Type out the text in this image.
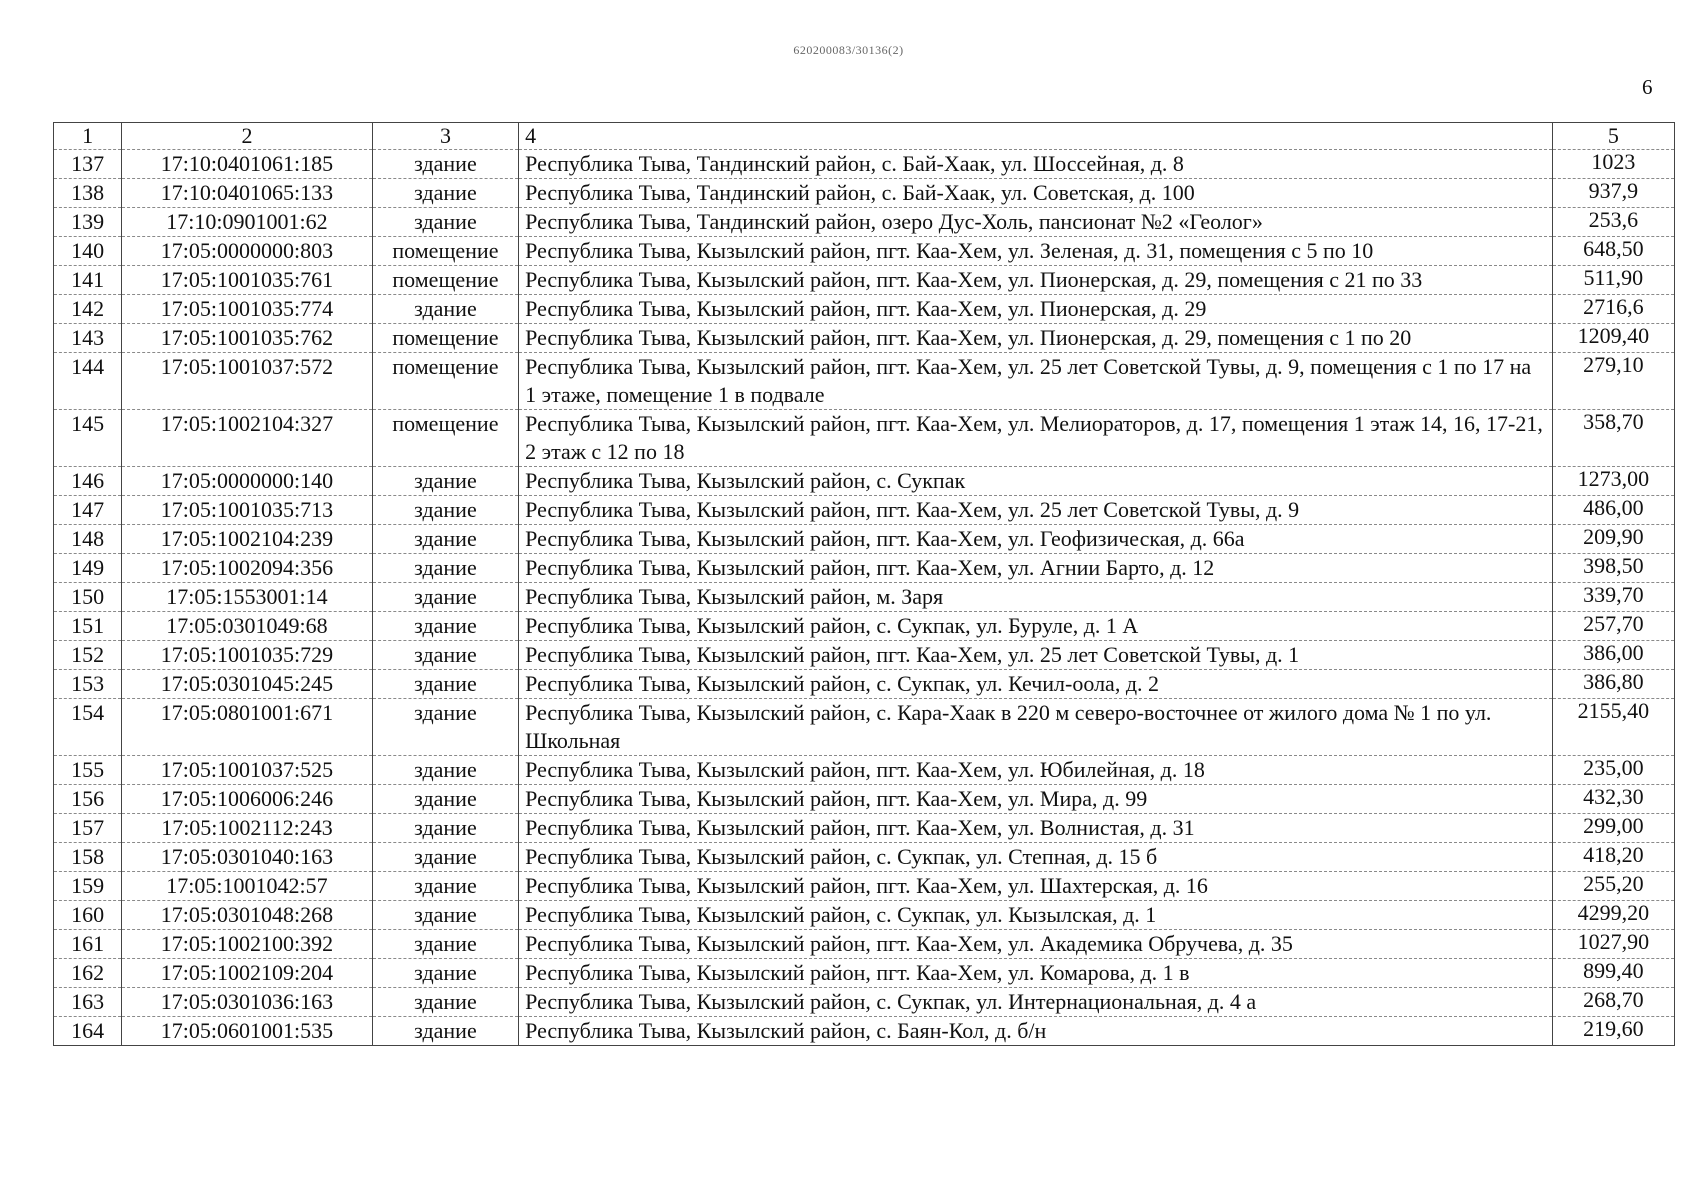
620200083/30136(2)
6
1	2	3	4	5
137	17:10:0401061:185	здание	Республика Тыва, Тандинский район, с. Бай-Хаак, ул. Шоссейная, д. 8	1023
138	17:10:0401065:133	здание	Республика Тыва, Тандинский район, с. Бай-Хаак, ул. Советская, д. 100	937,9
139	17:10:0901001:62	здание	Республика Тыва, Тандинский район, озеро Дус-Холь, пансионат №2 «Геолог»	253,6
140	17:05:0000000:803	помещение	Республика Тыва, Кызылский район, пгт. Каа-Хем, ул. Зеленая, д. 31, помещения с 5 по 10	648,50
141	17:05:1001035:761	помещение	Республика Тыва, Кызылский район, пгт. Каа-Хем, ул. Пионерская, д. 29, помещения с 21 по 33	511,90
142	17:05:1001035:774	здание	Республика Тыва, Кызылский район, пгт. Каа-Хем, ул. Пионерская, д. 29	2716,6
143	17:05:1001035:762	помещение	Республика Тыва, Кызылский район, пгт. Каа-Хем, ул. Пионерская, д. 29, помещения с 1 по 20	1209,40
144	17:05:1001037:572	помещение	Республика Тыва, Кызылский район, пгт. Каа-Хем, ул. 25 лет Советской Тувы, д. 9, помещения с 1 по 17 на 1 этаже, помещение 1 в подвале	279,10
145	17:05:1002104:327	помещение	Республика Тыва, Кызылский район, пгт. Каа-Хем, ул. Мелиораторов, д. 17, помещения 1 этаж 14, 16, 17-21, 2 этаж с 12 по 18	358,70
146	17:05:0000000:140	здание	Республика Тыва, Кызылский район, с. Сукпак	1273,00
147	17:05:1001035:713	здание	Республика Тыва, Кызылский район, пгт. Каа-Хем, ул. 25 лет Советской Тувы, д. 9	486,00
148	17:05:1002104:239	здание	Республика Тыва, Кызылский район, пгт. Каа-Хем, ул. Геофизическая, д. 66а	209,90
149	17:05:1002094:356	здание	Республика Тыва, Кызылский район, пгт. Каа-Хем, ул. Агнии Барто, д. 12	398,50
150	17:05:1553001:14	здание	Республика Тыва, Кызылский район, м. Заря	339,70
151	17:05:0301049:68	здание	Республика Тыва, Кызылский район, с. Сукпак, ул. Буруле, д. 1 А	257,70
152	17:05:1001035:729	здание	Республика Тыва, Кызылский район, пгт. Каа-Хем, ул. 25 лет Советской Тувы, д. 1	386,00
153	17:05:0301045:245	здание	Республика Тыва, Кызылский район, с. Сукпак, ул. Кечил-оола, д. 2	386,80
154	17:05:0801001:671	здание	Республика Тыва, Кызылский район, с. Кара-Хаак в 220 м северо-восточнее от жилого дома № 1 по ул. Школьная	2155,40
155	17:05:1001037:525	здание	Республика Тыва, Кызылский район, пгт. Каа-Хем, ул. Юбилейная, д. 18	235,00
156	17:05:1006006:246	здание	Республика Тыва, Кызылский район, пгт. Каа-Хем, ул. Мира, д. 99	432,30
157	17:05:1002112:243	здание	Республика Тыва, Кызылский район, пгт. Каа-Хем, ул. Волнистая, д. 31	299,00
158	17:05:0301040:163	здание	Республика Тыва, Кызылский район, с. Сукпак, ул. Степная, д. 15 б	418,20
159	17:05:1001042:57	здание	Республика Тыва, Кызылский район, пгт. Каа-Хем, ул. Шахтерская, д. 16	255,20
160	17:05:0301048:268	здание	Республика Тыва, Кызылский район, с. Сукпак, ул. Кызылская, д. 1	4299,20
161	17:05:1002100:392	здание	Республика Тыва, Кызылский район, пгт. Каа-Хем, ул. Академика Обручева, д. 35	1027,90
162	17:05:1002109:204	здание	Республика Тыва, Кызылский район, пгт. Каа-Хем, ул. Комарова, д. 1 в	899,40
163	17:05:0301036:163	здание	Республика Тыва, Кызылский район, с. Сукпак, ул. Интернациональная, д. 4 а	268,70
164	17:05:0601001:535	здание	Республика Тыва, Кызылский район, с. Баян-Кол, д. б/н	219,60
